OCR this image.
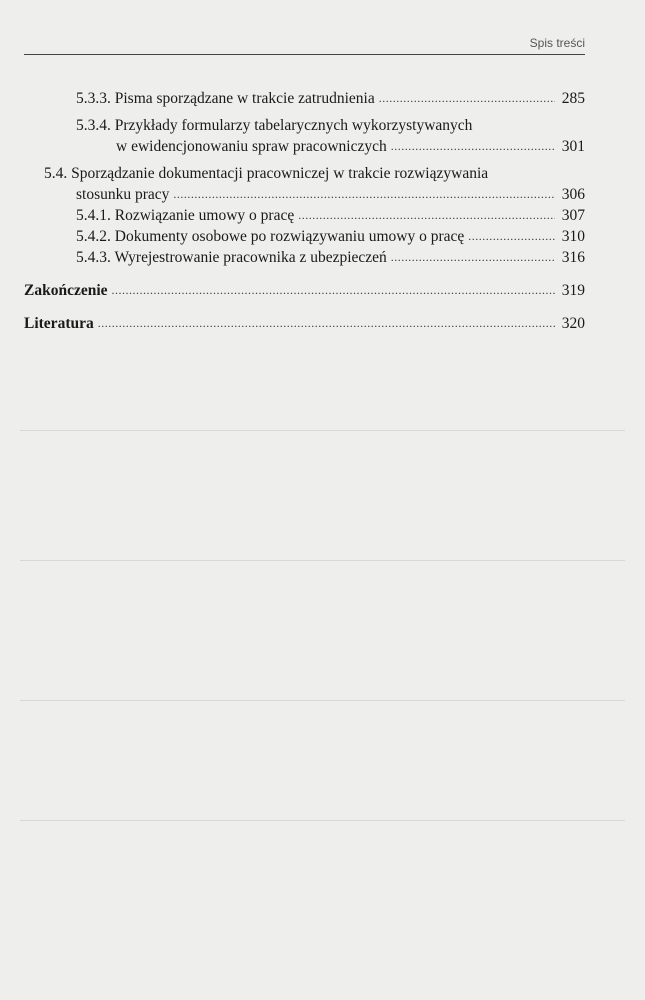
Spis treści
5.3.3. Pisma sporządzane w trakcie zatrudnienia .....	285
5.3.4. Przykłady formularzy tabelarycznych wykorzystywanych
w ewidencjonowaniu spraw pracowniczych .....	301
5.4. Sporządzanie dokumentacji pracowniczej w trakcie rozwiązywania
stosunku pracy .....	306
5.4.1. Rozwiązanie umowy o pracę .....	307
5.4.2. Dokumenty osobowe po rozwiązywaniu umowy o pracę .....	310
5.4.3. Wyrejestrowanie pracownika z ubezpieczeń .....	316
Zakończenie .....	319
Literatura .....	320
